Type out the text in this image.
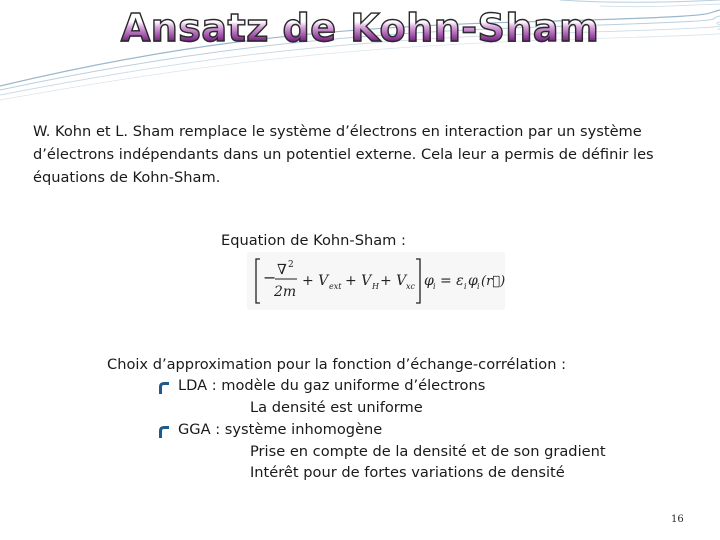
Ansatz de Kohn-Sham

W. Kohn et L. Sham remplace le système d’électrons en interaction par un système d’électrons indépendants dans un potentiel externe. Cela leur a permis de définir les équations de Kohn-Sham.

Equation de Kohn-Sham :
− ∇ 2
2m
+ V ext + V H + V xc φ i = ε i φ i (r⃗)
Choix d’approximation pour la fonction d’échange-corrélation :
LDA : modèle du gaz uniforme d’électrons
La densité est uniforme
GGA : système inhomogène
Prise en compte de la densité et de son gradient
Intérêt pour de fortes variations de densité
16
